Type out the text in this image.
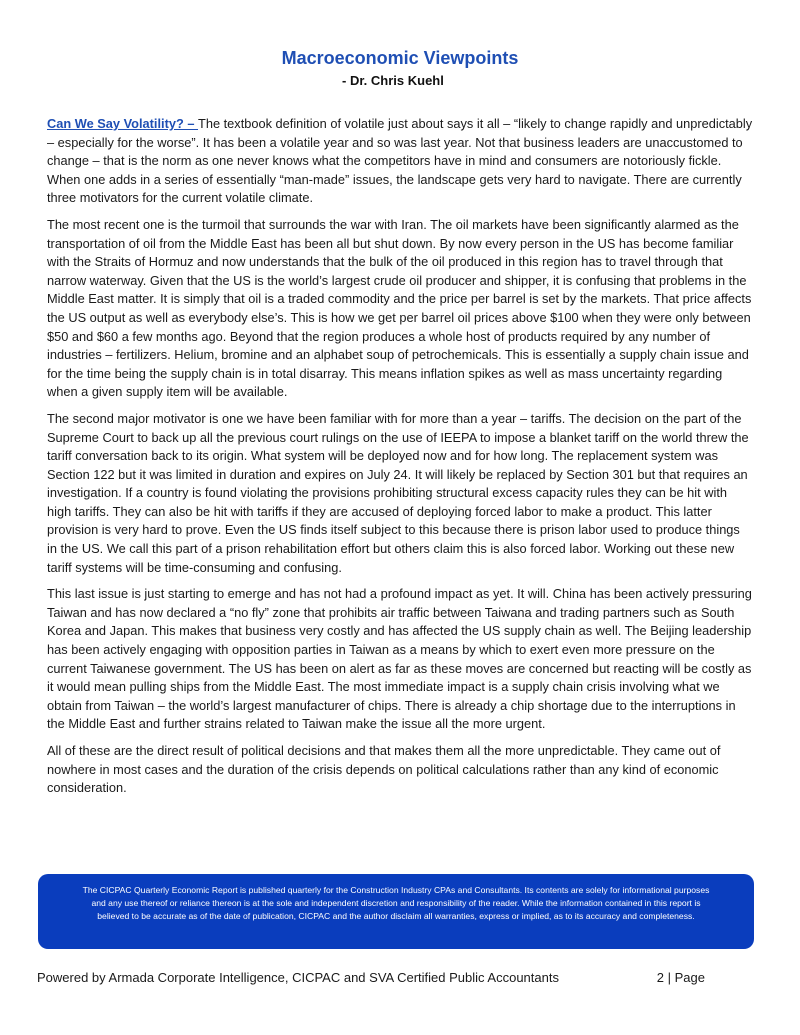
Macroeconomic Viewpoints
- Dr. Chris Kuehl

Can We Say Volatility? – The textbook definition of volatile just about says it all – “likely to change rapidly and unpredictably – especially for the worse”. It has been a volatile year and so was last year. Not that business leaders are unaccustomed to change – that is the norm as one never knows what the competitors have in mind and consumers are notoriously fickle. When one adds in a series of essentially “man-made” issues, the landscape gets very hard to navigate. There are currently three motivators for the current volatile climate.

The most recent one is the turmoil that surrounds the war with Iran. The oil markets have been significantly alarmed as the transportation of oil from the Middle East has been all but shut down. By now every person in the US has become familiar with the Straits of Hormuz and now understands that the bulk of the oil produced in this region has to travel through that narrow waterway. Given that the US is the world’s largest crude oil producer and shipper, it is confusing that problems in the Middle East matter. It is simply that oil is a traded commodity and the price per barrel is set by the markets. That price affects the US output as well as everybody else’s. This is how we get per barrel oil prices above $100 when they were only between $50 and $60 a few months ago. Beyond that the region produces a whole host of products required by any number of industries – fertilizers. Helium, bromine and an alphabet soup of petrochemicals. This is essentially a supply chain issue and for the time being the supply chain is in total disarray. This means inflation spikes as well as mass uncertainty regarding when a given supply item will be available.

The second major motivator is one we have been familiar with for more than a year – tariffs. The decision on the part of the Supreme Court to back up all the previous court rulings on the use of IEEPA to impose a blanket tariff on the world threw the tariff conversation back to its origin. What system will be deployed now and for how long. The replacement system was Section 122 but it was limited in duration and expires on July 24. It will likely be replaced by Section 301 but that requires an investigation. If a country is found violating the provisions prohibiting structural excess capacity rules they can be hit with high tariffs. They can also be hit with tariffs if they are accused of deploying forced labor to make a product. This latter provision is very hard to prove. Even the US finds itself subject to this because there is prison labor used to produce things in the US. We call this part of a prison rehabilitation effort but others claim this is also forced labor. Working out these new tariff systems will be time-consuming and confusing.

This last issue is just starting to emerge and has not had a profound impact as yet. It will. China has been actively pressuring Taiwan and has now declared a “no fly” zone that prohibits air traffic between Taiwana and trading partners such as South Korea and Japan. This makes that business very costly and has affected the US supply chain as well. The Beijing leadership has been actively engaging with opposition parties in Taiwan as a means by which to exert even more pressure on the current Taiwanese government. The US has been on alert as far as these moves are concerned but reacting will be costly as it would mean pulling ships from the Middle East. The most immediate impact is a supply chain crisis involving what we obtain from Taiwan – the world’s largest manufacturer of chips. There is already a chip shortage due to the interruptions in the Middle East and further strains related to Taiwan make the issue all the more urgent.

All of these are the direct result of political decisions and that makes them all the more unpredictable. They came out of nowhere in most cases and the duration of the crisis depends on political calculations rather than any kind of economic consideration.

The CICPAC Quarterly Economic Report is published quarterly for the Construction Industry CPAs and Consultants. Its contents are solely for informational purposes and any use thereof or reliance thereon is at the sole and independent discretion and responsibility of the reader. While the information contained in this report is believed to be accurate as of the date of publication, CICPAC and the author disclaim all warranties, express or implied, as to its accuracy and completeness.
Powered by Armada Corporate Intelligence, CICPAC and SVA Certified Public Accountants	2 | Page
